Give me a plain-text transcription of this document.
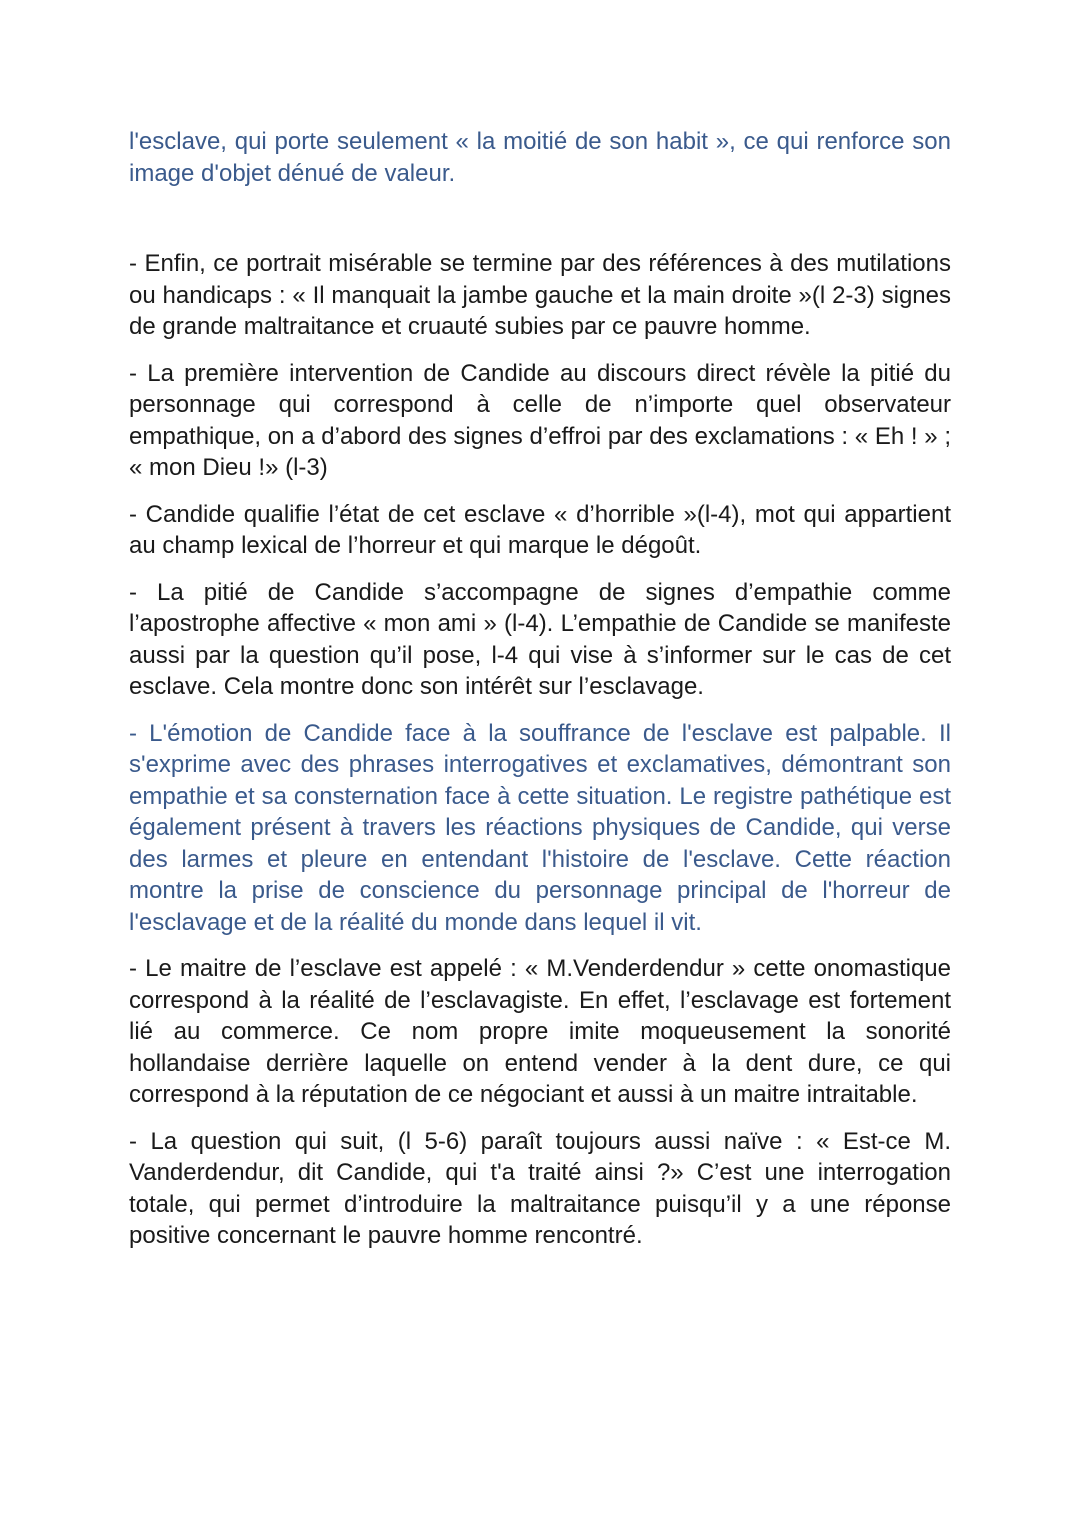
l'esclave, qui porte seulement « la moitié de son habit », ce qui renforce son image d'objet dénué de valeur.

- Enfin, ce portrait misérable se termine par des références à des mutilations ou handicaps : « Il manquait la jambe gauche et la main droite »(l 2-3) signes de grande maltraitance et cruauté subies par ce pauvre homme.

- La première intervention de Candide au discours direct révèle la pitié du personnage qui correspond à celle de n’importe quel observateur empathique, on a d’abord des signes d’effroi par des exclamations : « Eh ! » ; « mon Dieu !» (l-3)

- Candide qualifie l’état de cet esclave « d’horrible »(l-4), mot qui appartient au champ lexical de l’horreur et qui marque le dégoût.

- La pitié de Candide s’accompagne de signes d’empathie comme l’apostrophe affective « mon ami » (l-4). L’empathie de Candide se manifeste aussi par la question qu’il pose, l-4 qui vise à s’informer sur le cas de cet esclave. Cela montre donc son intérêt sur l’esclavage.

- L'émotion de Candide face à la souffrance de l'esclave est palpable. Il s'exprime avec des phrases interrogatives et exclamatives, démontrant son empathie et sa consternation face à cette situation. Le registre pathétique est également présent à travers les réactions physiques de Candide, qui verse des larmes et pleure en entendant l'histoire de l'esclave. Cette réaction montre la prise de conscience du personnage principal de l'horreur de l'esclavage et de la réalité du monde dans lequel il vit.

- Le maitre de l’esclave est appelé : « M.Venderdendur » cette onomastique correspond à la réalité de l’esclavagiste. En effet, l’esclavage est fortement lié au commerce. Ce nom propre imite moqueusement la sonorité hollandaise derrière laquelle on entend vender à la dent dure, ce qui correspond à la réputation de ce négociant et aussi à un maitre intraitable.

- La question qui suit, (l 5-6) paraît toujours aussi naïve : « Est-ce M. Vanderdendur, dit Candide, qui t'a traité ainsi ?» C’est une interrogation totale, qui permet d’introduire la maltraitance puisqu’il y a une réponse positive concernant le pauvre homme rencontré.
